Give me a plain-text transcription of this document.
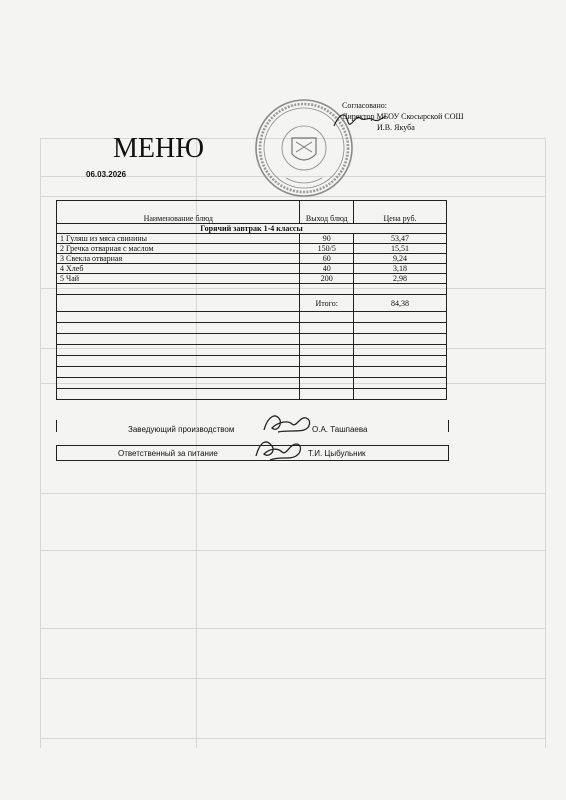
Согласовано:
Директор МБОУ Скосырской СОШ
И.В. Якуба
МЕНЮ
06.03.2026
Наименование блюд	Выход блюд	Цена руб.
Горячий завтрак 1-4 классы		
1 Гуляш из мяса свинины	90	53,47
2 Гречка отварная с маслом	150/5	15,51
3 Свекла отварная	60	9,24
4 Хлеб	40	3,18
5 Чай	200	2,98

	Итого:	84,38

Заведующий производством	О.А. Ташпаева
Ответственный за питание	Т.И. Цыбульник
